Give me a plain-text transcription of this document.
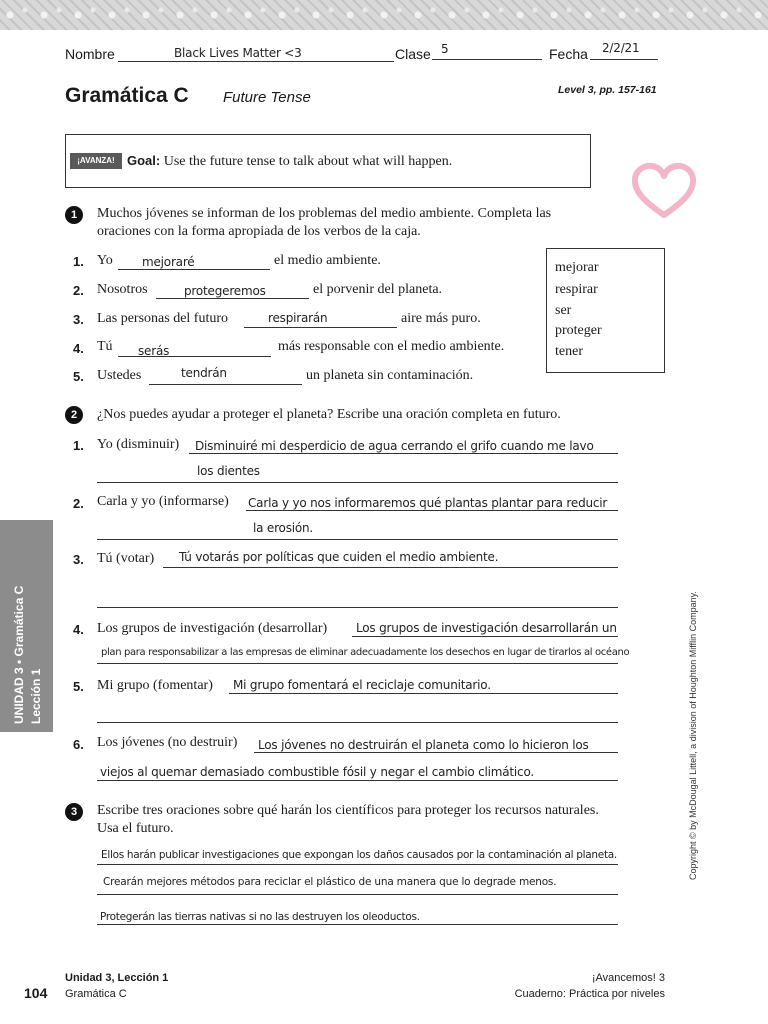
Nombre	Black Lives Matter <3	Clase 5	Fecha 2/2/21
Gramática C Future Tense	Level 3, pp. 157-161
¡AVANZA! Goal: Use the future tense to talk about what will happen.
1	Muchos jóvenes se informan de los problemas del medio ambiente. Completa las
oraciones con la forma apropiada de los verbos de la caja.
1. Yo mejoraré	el medio ambiente.
2. Nosotros	protegeremos	el porvenir del planeta.
3. Las personas del futuro	respirarán	aire más puro.
4. Tú serás	más responsable con el medio ambiente.
5. Ustedes	tendrán	un planeta sin contaminación.
mejorar
respirar
ser
proteger
tener
2	¿Nos puedes ayudar a proteger el planeta? Escribe una oración completa en futuro.
1. Yo (disminuir) Disminuiré mi desperdicio de agua cerrando el grifo cuando me lavo
los dientes
2. Carla y yo (informarse) Carla y yo nos informaremos qué plantas plantar para reducir
la erosión.
3. Tú (votar) Tú votarás por políticas que cuiden el medio ambiente.
4. Los grupos de investigación (desarrollar) Los grupos de investigación desarrollarán un
plan para responsabilizar a las empresas de eliminar adecuadamente los desechos en lugar de tirarlos al océano
5. Mi grupo (fomentar) Mi grupo fomentará el reciclaje comunitario.
6. Los jóvenes (no destruir) Los jóvenes no destruirán el planeta como lo hicieron los
viejos al quemar demasiado combustible fósil y negar el cambio climático.
3	Escribe tres oraciones sobre qué harán los científicos para proteger los recursos naturales.
Usa el futuro.
Ellos harán publicar investigaciones que expongan los daños causados por la contaminación al planeta.
Crearán mejores métodos para reciclar el plástico de una manera que lo degrade menos.
Protegerán las tierras nativas si no las destruyen los oleoductos.
UNIDAD 3 • Gramática C Lección 1	Copyright © by McDougal Littell, a division of Houghton Mifflin Company.
104
Unidad 3, Lección 1
Gramática C
¡Avancemos! 3
Cuaderno: Práctica por niveles
